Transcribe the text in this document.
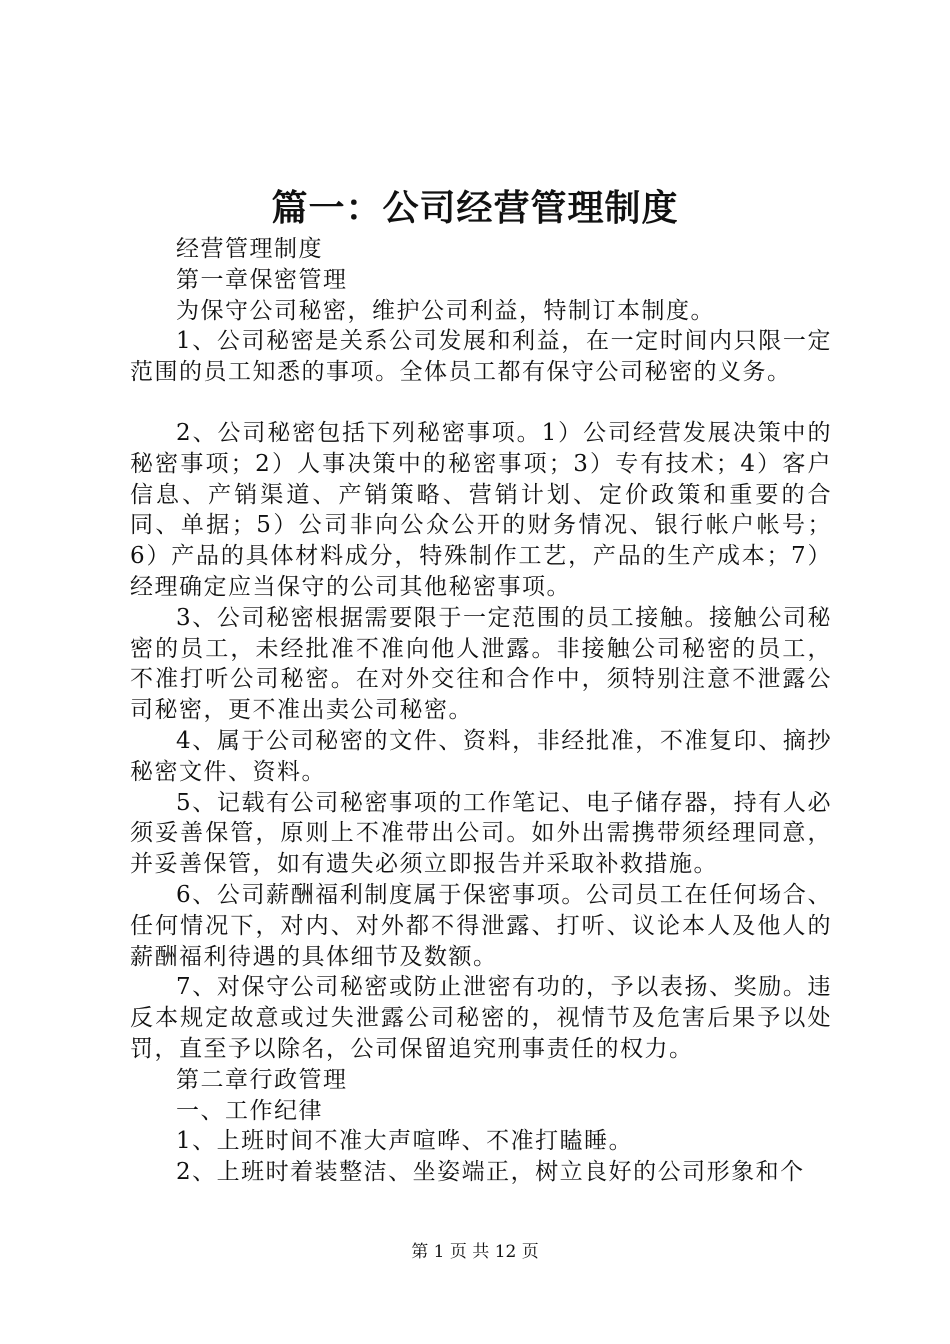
篇一：公司经营管理制度

经营管理制度

第一章保密管理

为保守公司秘密，维护公司利益，特制订本制度。

1、公司秘密是关系公司发展和利益，在一定时间内只限一定范围的员工知悉的事项。全体员工都有保守公司秘密的义务。

2、公司秘密包括下列秘密事项。1）公司经营发展决策中的秘密事项；2）人事决策中的秘密事项；3）专有技术；4）客户信息、产销渠道、产销策略、营销计划、定价政策和重要的合同、单据；5）公司非向公众公开的财务情况、银行帐户帐号；6）产品的具体材料成分，特殊制作工艺，产品的生产成本；7）经理确定应当保守的公司其他秘密事项。

3、公司秘密根据需要限于一定范围的员工接触。接触公司秘密的员工，未经批准不准向他人泄露。非接触公司秘密的员工，不准打听公司秘密。在对外交往和合作中，须特别注意不泄露公司秘密，更不准出卖公司秘密。

4、属于公司秘密的文件、资料，非经批准，不准复印、摘抄秘密文件、资料。

5、记载有公司秘密事项的工作笔记、电子储存器，持有人必须妥善保管，原则上不准带出公司。如外出需携带须经理同意，并妥善保管，如有遗失必须立即报告并采取补救措施。

6、公司薪酬福利制度属于保密事项。公司员工在任何场合、任何情况下，对内、对外都不得泄露、打听、议论本人及他人的薪酬福利待遇的具体细节及数额。

7、对保守公司秘密或防止泄密有功的，予以表扬、奖励。违反本规定故意或过失泄露公司秘密的，视情节及危害后果予以处罚，直至予以除名，公司保留追究刑事责任的权力。

第二章行政管理

一、工作纪律

1、上班时间不准大声喧哗、不准打瞌睡。

2、上班时着装整洁、坐姿端正，树立良好的公司形象和个

第 1 页 共 12 页
